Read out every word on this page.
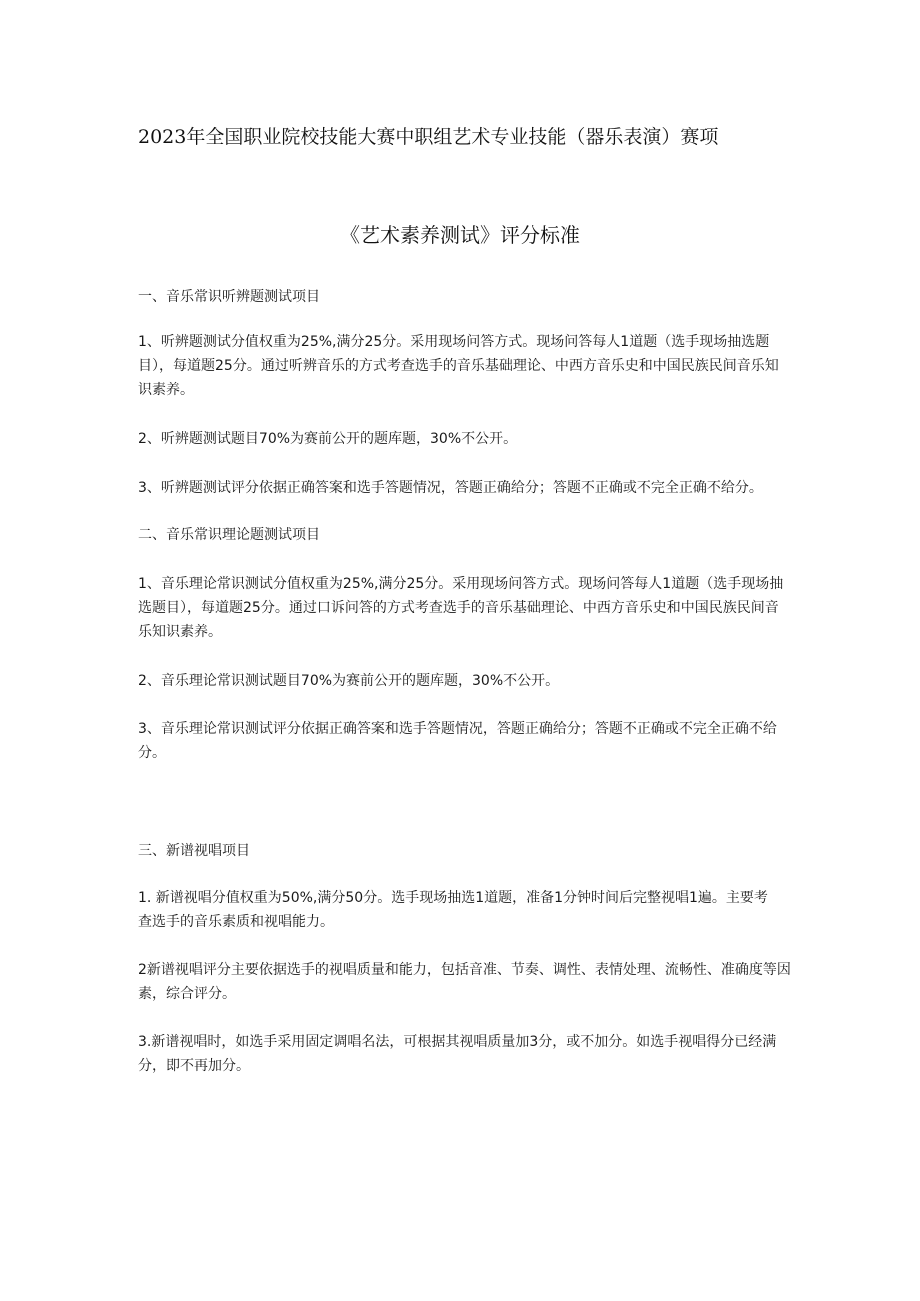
2023年全国职业院校技能大赛中职组艺术专业技能（器乐表演）赛项
《艺术素养测试》评分标准

一、音乐常识听辨题测试项目

1、听辨题测试分值权重为25%,满分25分。采用现场问答方式。现场问答每人1道题（选手现场抽选题
目），每道题25分。通过听辨音乐的方式考查选手的音乐基础理论、中西方音乐史和中国民族民间音乐知
识素养。

2、听辨题测试题目70%为赛前公开的题库题，30%不公开。

3、听辨题测试评分依据正确答案和选手答题情况，答题正确给分；答题不正确或不完全正确不给分。

二、音乐常识理论题测试项目

1、音乐理论常识测试分值权重为25%,满分25分。采用现场问答方式。现场问答每人1道题（选手现场抽
选题目），每道题25分。通过口诉问答的方式考查选手的音乐基础理论、中西方音乐史和中国民族民间音
乐知识素养。

2、音乐理论常识测试题目70%为赛前公开的题库题，30%不公开。

3、音乐理论常识测试评分依据正确答案和选手答题情况，答题正确给分；答题不正确或不完全正确不给
分。

三、新谱视唱项目

1. 新谱视唱分值权重为50%,满分50分。选手现场抽选1道题，准备1分钟时间后完整视唱1遍。主要考
查选手的音乐素质和视唱能力。

2新谱视唱评分主要依据选手的视唱质量和能力，包括音准、节奏、调性、表情处理、流畅性、准确度等因
素，综合评分。

3.新谱视唱时，如选手采用固定调唱名法，可根据其视唱质量加3分，或不加分。如选手视唱得分已经满
分，即不再加分。
